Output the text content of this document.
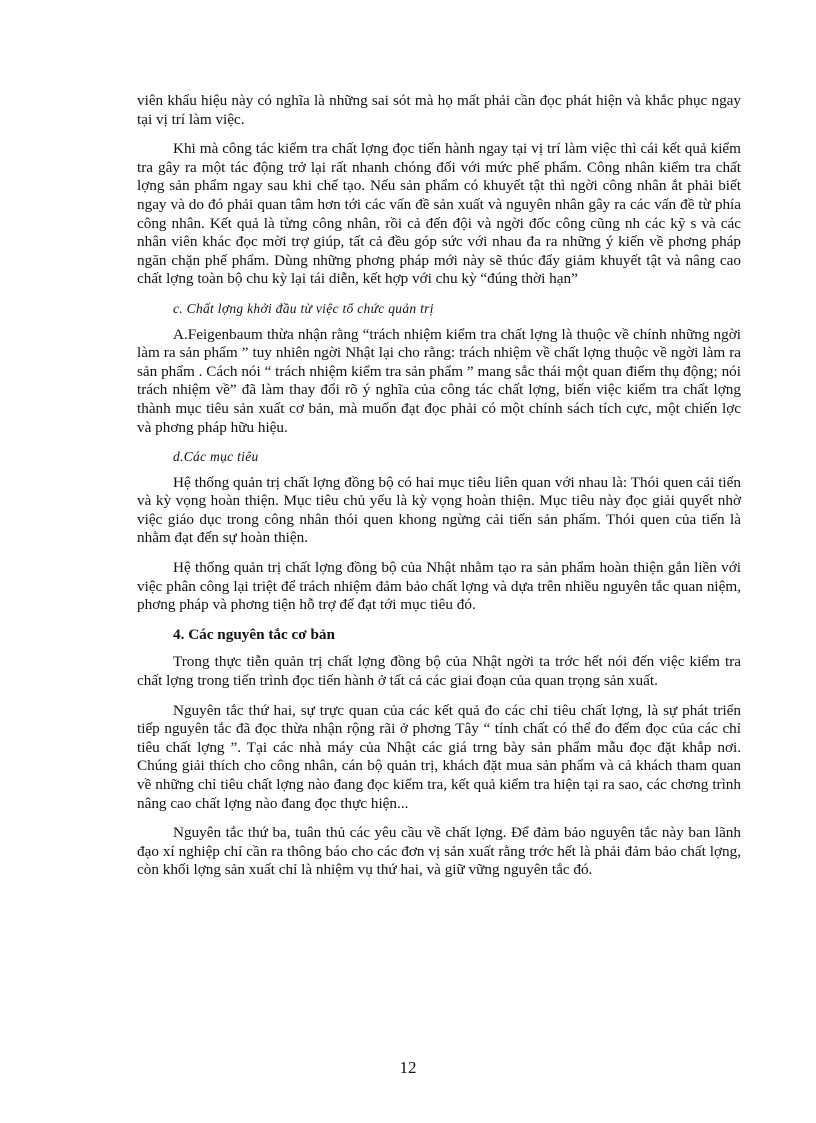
viên khẩu hiệu này có nghĩa là những sai sót mà họ mất phải cần đọc phát hiện và khắc phục ngay tại vị trí làm việc.

Khi mà công tác kiểm tra chất lợng đọc tiến hành ngay tại vị trí làm việc thì cái kết quả kiểm tra gây ra một tác động trở lại rất nhanh chóng đối với mức phế phẩm. Công nhân kiểm tra chất lợng sản phẩm ngay sau khi chế tạo. Nếu sản phẩm có khuyết tật thì ngời công nhân ắt phải biết ngay và do đó phải quan tâm hơn tới các vấn đề sản xuất và nguyên nhân gây ra các vấn đề từ phía công nhân. Kết quả là từng công nhân, rồi cả đến đội và ngời đốc công cũng nh các kỹ s và các nhân viên khác đọc mời trợ giúp, tất cả đều góp sức với nhau đa ra những ý kiến về phơng pháp ngăn chặn phế phẩm. Dùng những phơng pháp mới này sẽ thúc đẩy giảm khuyết tật và nâng cao chất lợng toàn bộ chu kỳ lại tái diễn, kết hợp với chu kỳ “đúng thời hạn”

c. Chất lợng khởi đầu từ việc tổ chức quản trị

A.Feigenbaum thừa nhận rằng “trách nhiệm kiểm tra chất lợng là thuộc về chính những ngời làm ra sản phẩm ” tuy nhiên ngời Nhật lại cho rằng: trách nhiệm về chất lợng thuộc về ngời làm ra sản phẩm . Cách nói “ trách nhiệm kiểm tra sản phẩm ” mang sắc thái một quan điểm thụ động; nói trách nhiệm về” đã làm thay đổi rõ ý nghĩa của công tác chất lợng, biến việc kiểm tra chất lợng thành mục tiêu sản xuất cơ bản, mà muốn đạt đọc phải có một chính sách tích cực, một chiến lợc và phơng pháp hữu hiệu.

d.Các mục tiêu

Hệ thống quản trị chất lợng đồng bộ có hai mục tiêu liên quan với nhau là: Thói quen cải tiến và kỳ vọng hoàn thiện. Mục tiêu chủ yếu là kỳ vọng hoàn thiện. Mục tiêu này đọc giải quyết nhờ việc giáo dục trong công nhân thói quen khong ngừng cải tiến sản phẩm. Thói quen của tiến là nhằm đạt đến sự hoàn thiện.

Hệ thống quản trị chất lợng đồng bộ của Nhật nhằm tạo ra sản phẩm hoàn thiện gắn liền với việc phân công lại triệt để trách nhiệm đảm bảo chất lợng và dựa trên nhiều nguyên tắc quan niệm, phơng pháp và phơng tiện hỗ trợ để đạt tới mục tiêu đó.

4. Các nguyên tắc cơ bản

Trong thực tiễn quản trị chất lợng đồng bộ của Nhật ngời ta trớc hết nói đến việc kiểm tra chất lợng trong tiến trình đọc tiến hành ở tất cả các giai đoạn của quan trọng sản xuất.

Nguyên tắc thứ hai, sự trực quan của các kết quả đo các chỉ tiêu chất lợng, là sự phát triển tiếp nguyên tắc đã đọc thừa nhận rộng rãi ở phơng Tây “ tính chất có thể đo đếm đọc của các chỉ tiêu chất lợng ”. Tại các nhà máy của Nhật các giá trng bày sản phẩm mẫu đọc đặt khắp nơi. Chúng giải thích cho công nhân, cán bộ quản trị, khách đặt mua sản phẩm và cả khách tham quan về những chỉ tiêu chất lợng nào đang đọc kiểm tra, kết quả kiểm tra hiện tại ra sao, các chơng trình nâng cao chất lợng nào đang đọc thực hiện...

Nguyên tắc thứ ba, tuân thủ các yêu cầu về chất lợng. Để đảm bảo nguyên tắc này ban lãnh đạo xí nghiệp chỉ cần ra thông báo cho các đơn vị sản xuất rằng trớc hết là phải đảm bảo chất lợng, còn khối lợng sản xuất chỉ là nhiệm vụ thứ hai, và giữ vững nguyên tắc đó.

12
